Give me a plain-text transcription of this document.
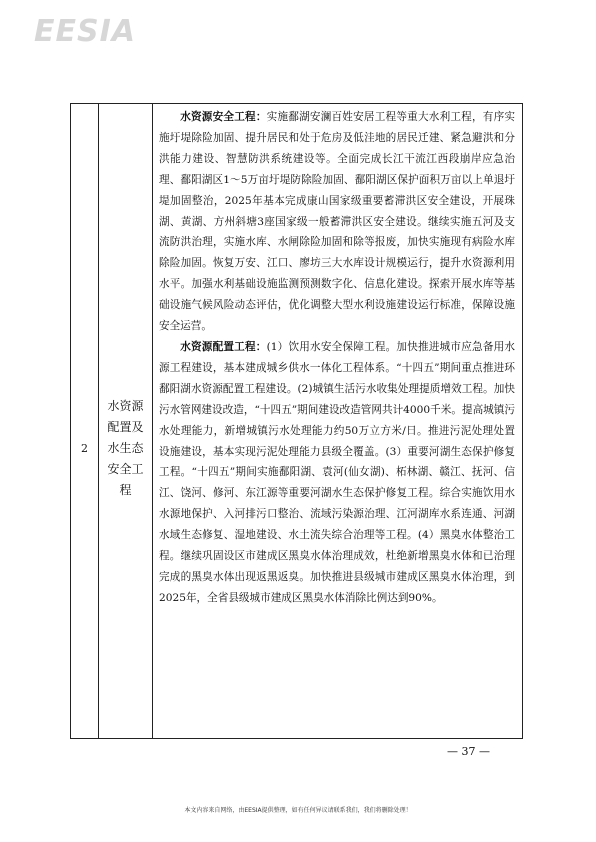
EESIA
2
水资源配置及水生态安全工程

水资源安全工程：实施鄱湖安澜百姓安居工程等重大水利工程，有序实施圩堤除险加固、提升居民和处于危房及低洼地的居民迁建、紧急避洪和分洪能力建设、智慧防洪系统建设等。全面完成长江干流江西段崩岸应急治理、鄱阳湖区1～5万亩圩堤防除险加固、鄱阳湖区保护面积万亩以上单退圩堤加固整治，2025年基本完成康山国家级重要蓄滞洪区安全建设，开展珠湖、黄湖、方州斜塘3座国家级一般蓄滞洪区安全建设。继续实施五河及支流防洪治理，实施水库、水闸除险加固和除等报废，加快实施现有病险水库除险加固。恢复万安、江口、廖坊三大水库设计规模运行，提升水资源利用水平。加强水利基础设施监测预测数字化、信息化建设。探索开展水库等基础设施气候风险动态评估，优化调整大型水利设施建设运行标准，保障设施安全运营。

水资源配置工程：(1）饮用水安全保障工程。加快推进城市应急备用水源工程建设，基本建成城乡供水一体化工程体系。“十四五”期间重点推进环鄱阳湖水资源配置工程建设。(2)城镇生活污水收集处理提质增效工程。加快污水管网建设改造，“十四五”期间建设改造管网共计4000千米。提高城镇污水处理能力，新增城镇污水处理能力约50万立方米/日。推进污泥处理处置设施建设，基本实现污泥处理能力县级全覆盖。(3）重要河湖生态保护修复工程。“十四五”期间实施鄱阳湖、袁河(仙女湖)、柘林湖、赣江、抚河、信江、饶河、修河、东江源等重要河湖水生态保护修复工程。综合实施饮用水水源地保护、入河排污口整治、流域污染源治理、江河湖库水系连通、河湖水域生态修复、湿地建设、水土流失综合治理等工程。(4）黑臭水体整治工程。继续巩固设区市建成区黑臭水体治理成效，杜绝新增黑臭水体和已治理完成的黑臭水体出现返黑返臭。加快推进县级城市建成区黑臭水体治理，到2025年，全省县级城市建成区黑臭水体消除比例达到90%。

— 37 —
本文内容来自网络，由EESIA提供整理，如有任何异议请联系我们，我们将删除处理！
